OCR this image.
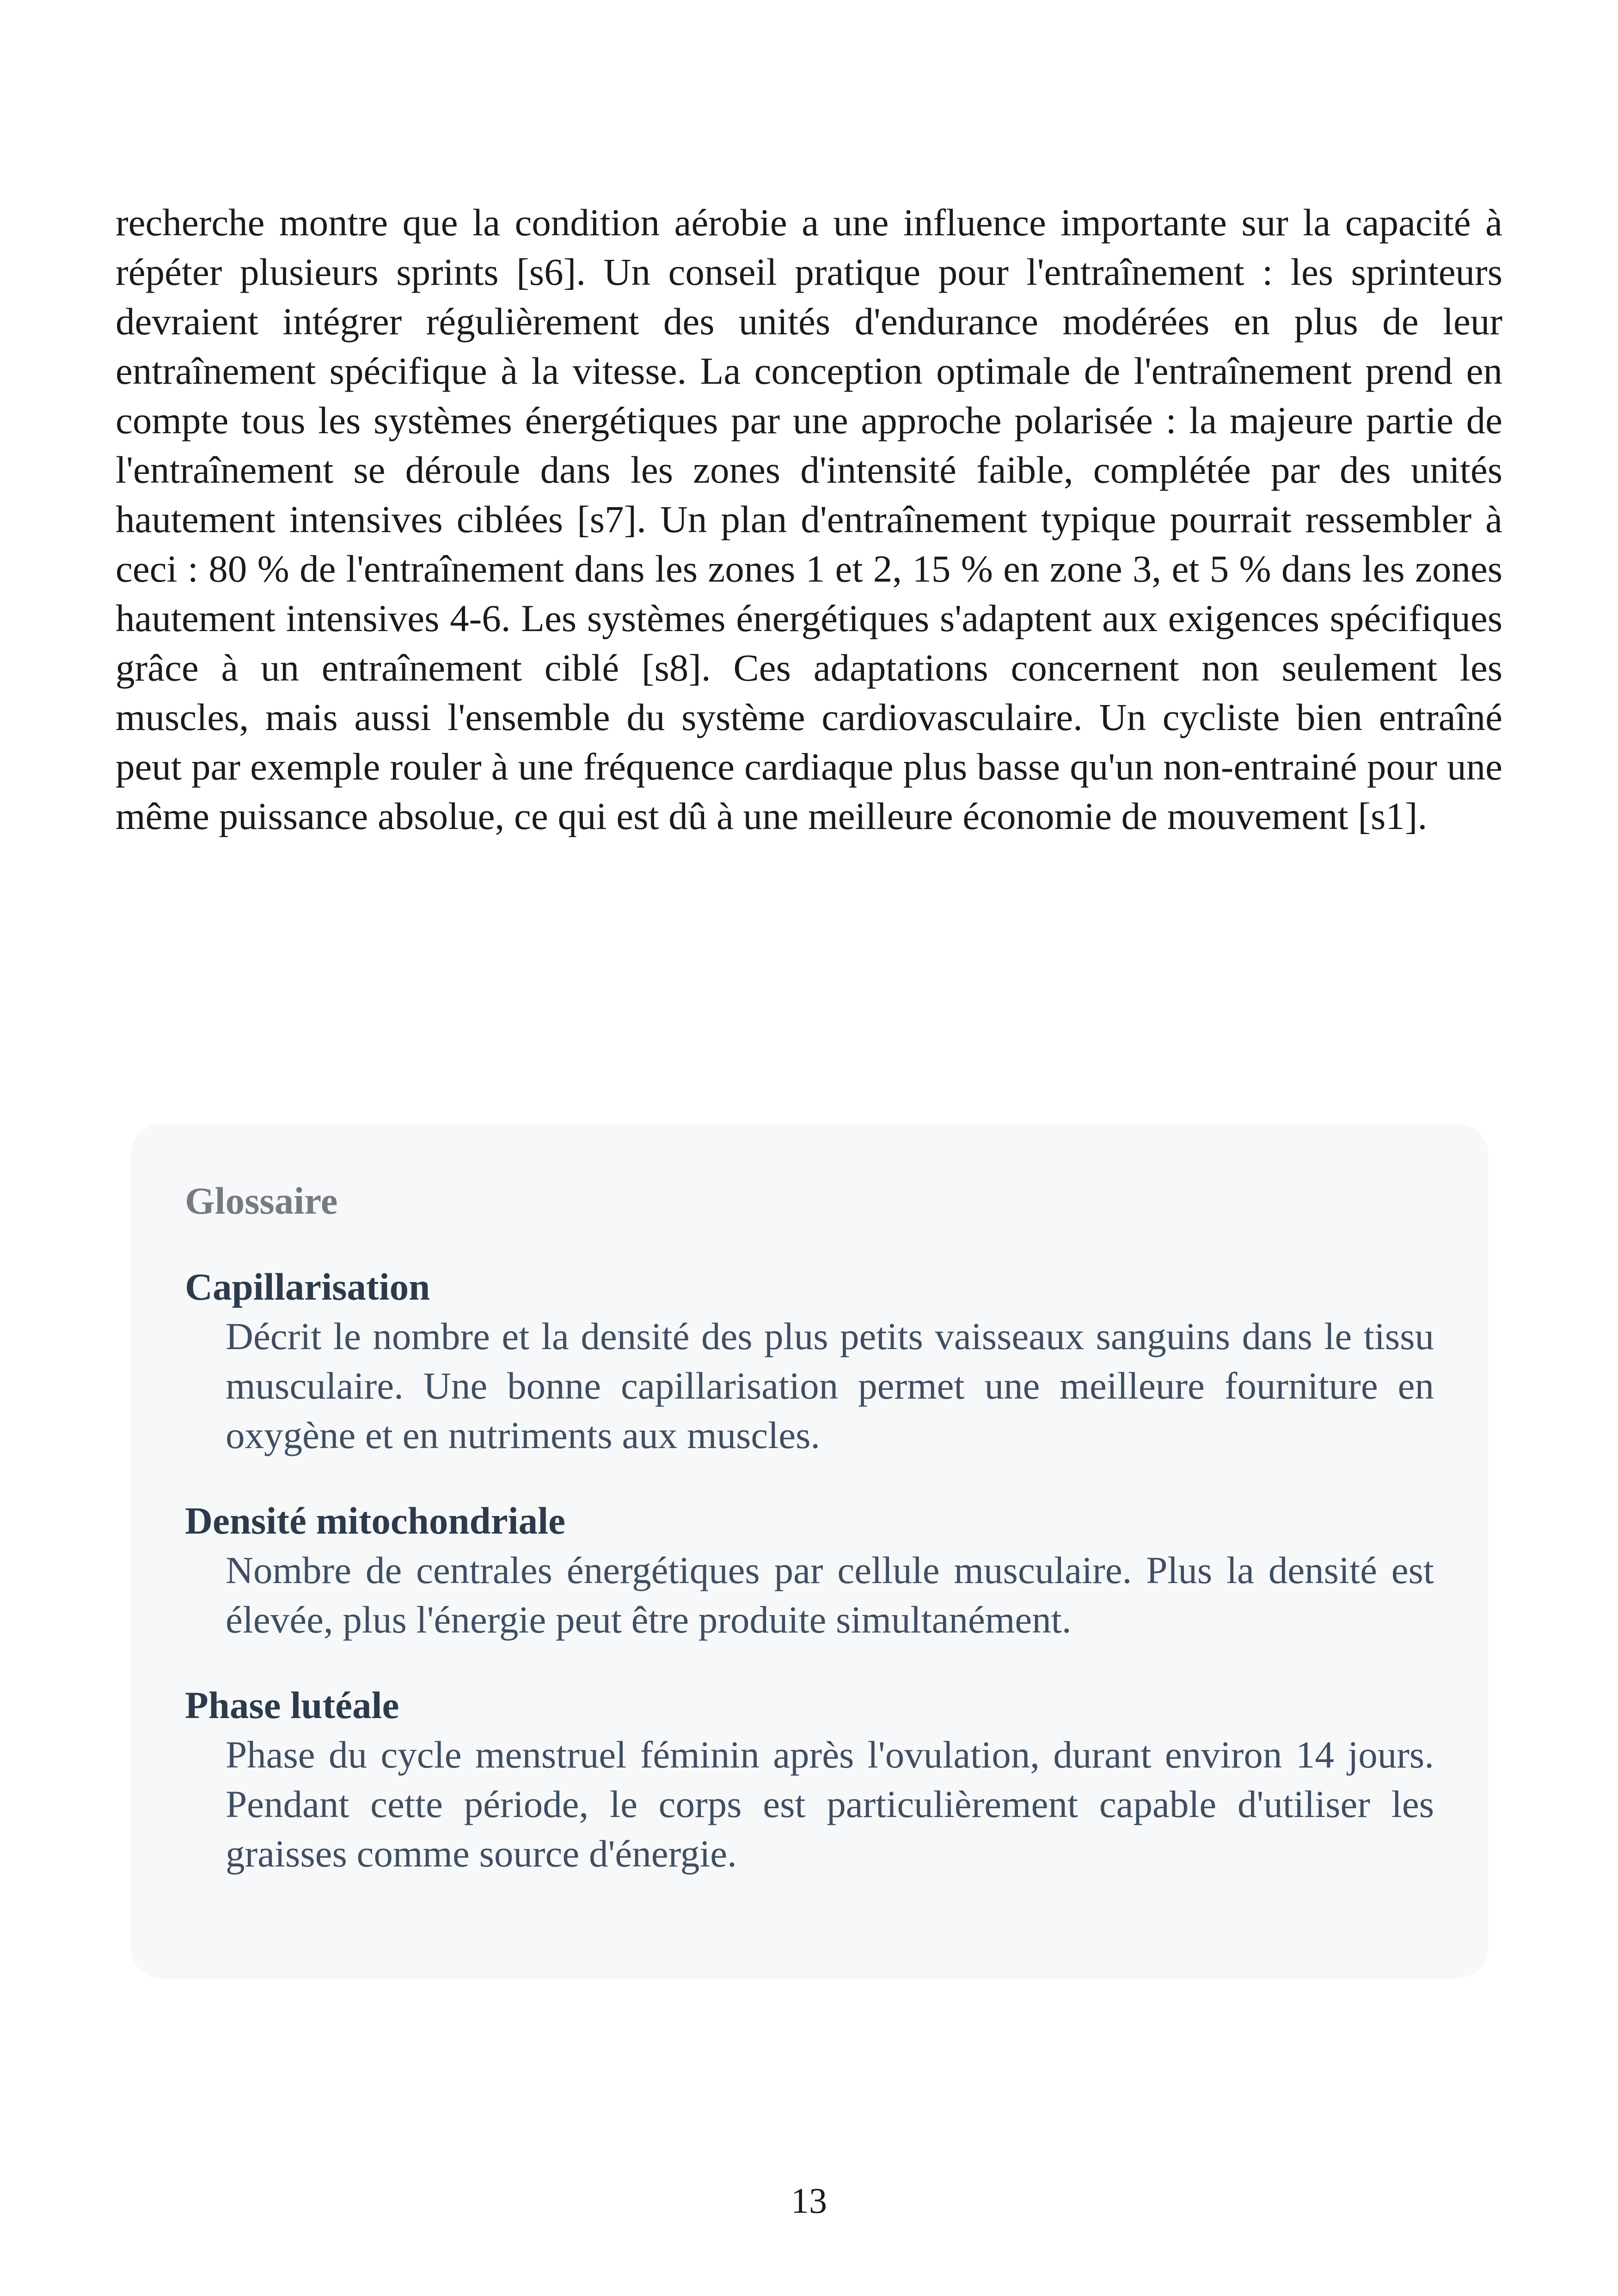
recherche montre que la condition aérobie a une influence importante sur la capacité à répéter plusieurs sprints [s6]. Un conseil pratique pour l'entraînement : les sprinteurs devraient intégrer régulièrement des unités d'endurance modérées en plus de leur entraînement spécifique à la vitesse. La conception optimale de l'entraînement prend en compte tous les systèmes énergétiques par une approche polarisée : la majeure partie de l'entraînement se déroule dans les zones d'intensité faible, complétée par des unités hautement intensives ciblées [s7]. Un plan d'entraînement typique pourrait ressembler à ceci : 80 % de l'entraînement dans les zones 1 et 2, 15 % en zone 3, et 5 % dans les zones hautement intensives 4-6. Les systèmes énergétiques s'adaptent aux exigences spécifiques grâce à un entraînement ciblé [s8]. Ces adaptations concernent non seulement les muscles, mais aussi l'ensemble du système cardiovasculaire. Un cycliste bien entraîné peut par exemple rouler à une fréquence cardiaque plus basse qu'un non-entrainé pour une même puissance absolue, ce qui est dû à une meilleure économie de mouvement [s1].

Glossaire

Capillarisation

Décrit le nombre et la densité des plus petits vaisseaux sanguins dans le tissu musculaire. Une bonne capillarisation permet une meilleure fourniture en oxygène et en nutriments aux muscles.

Densité mitochondriale

Nombre de centrales énergétiques par cellule musculaire. Plus la densité est élevée, plus l'énergie peut être produite simultanément.

Phase lutéale

Phase du cycle menstruel féminin après l'ovulation, durant environ 14 jours. Pendant cette période, le corps est particulièrement capable d'utiliser les graisses comme source d'énergie.

13
